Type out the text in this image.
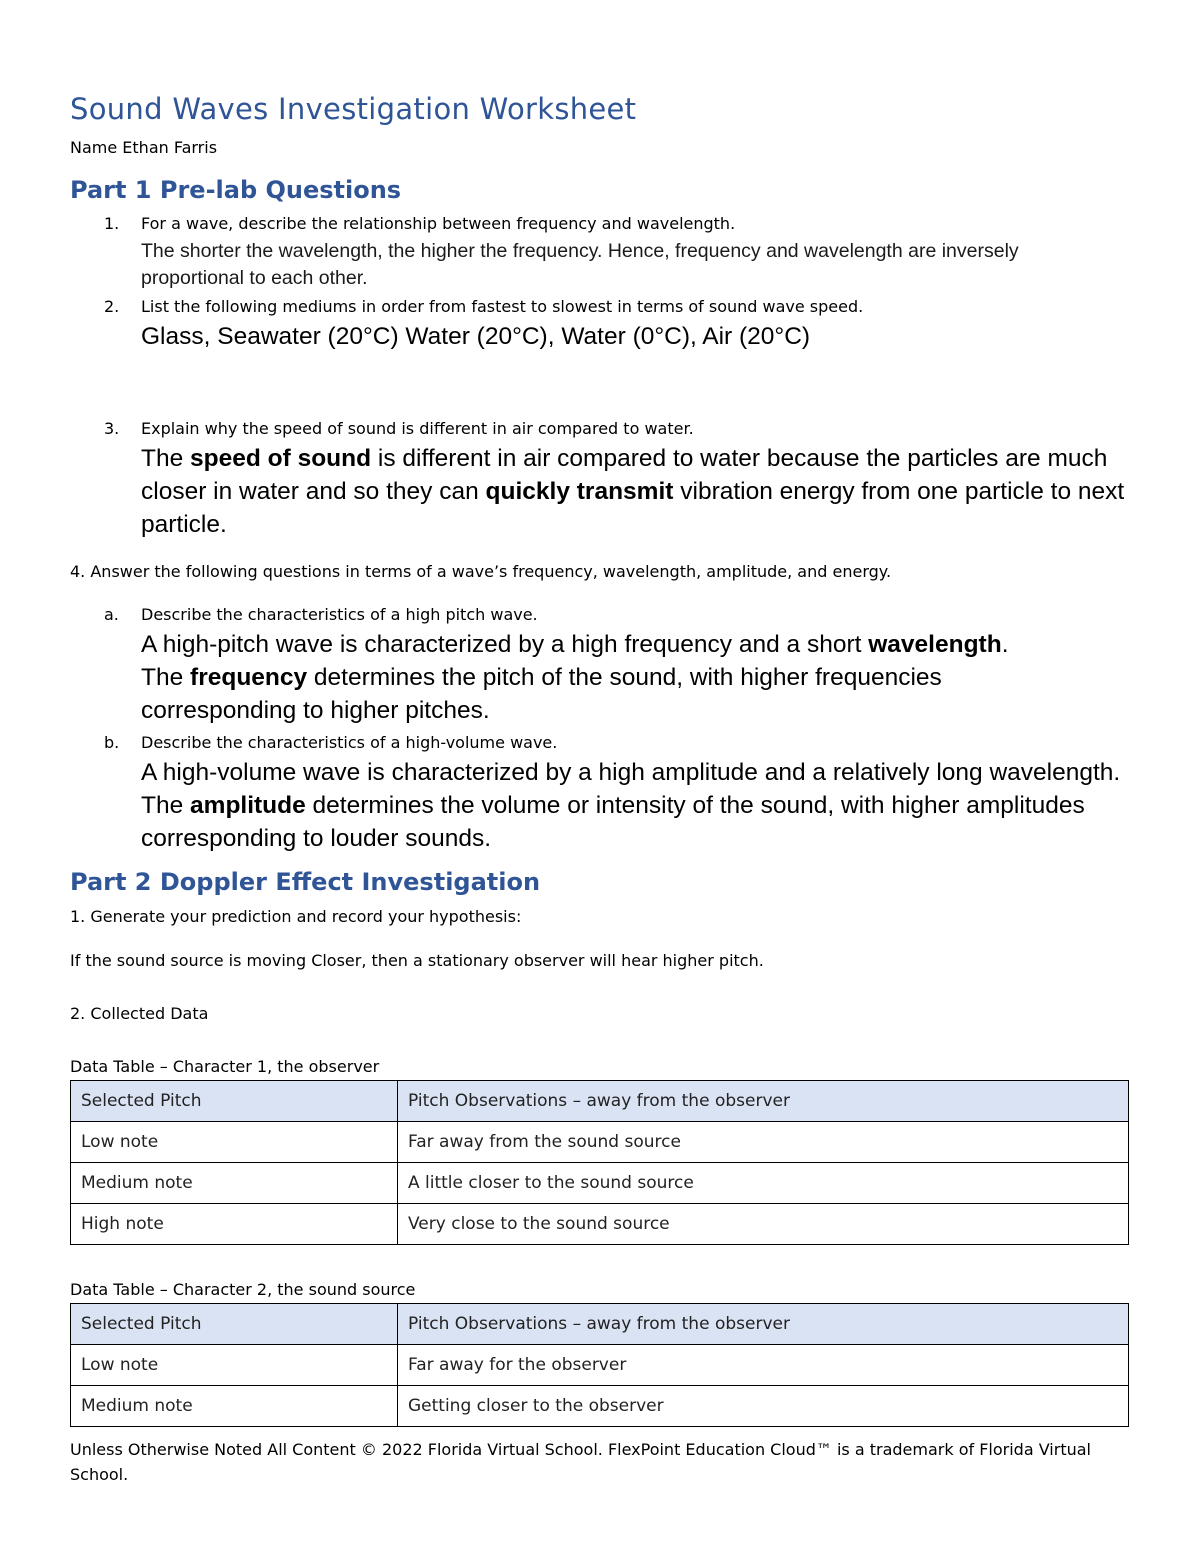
Sound Waves Investigation Worksheet
Name Ethan Farris
Part 1 Pre-lab Questions
1. For a wave, describe the relationship between frequency and wavelength.
The shorter the wavelength, the higher the frequency. Hence, frequency and wavelength are inversely
proportional to each other.
2. List the following mediums in order from fastest to slowest in terms of sound wave speed.
Glass, Seawater (20°C) Water (20°C), Water (0°C), Air (20°C)
3. Explain why the speed of sound is different in air compared to water.
The speed of sound is different in air compared to water because the particles are much closer in water and so they can quickly transmit vibration energy from one particle to next particle.
4. Answer the following questions in terms of a wave’s frequency, wavelength, amplitude, and energy.
a. Describe the characteristics of a high pitch wave.
A high-pitch wave is characterized by a high frequency and a short wavelength. The frequency determines the pitch of the sound, with higher frequencies corresponding to higher pitches.
b. Describe the characteristics of a high-volume wave.
A high-volume wave is characterized by a high amplitude and a relatively long wavelength. The amplitude determines the volume or intensity of the sound, with higher amplitudes corresponding to louder sounds.
Part 2 Doppler Effect Investigation
1. Generate your prediction and record your hypothesis:
If the sound source is moving Closer, then a stationary observer will hear higher pitch.
2. Collected Data
Data Table – Character 1, the observer
Selected Pitch	Pitch Observations – away from the observer
Low note	Far away from the sound source
Medium note	A little closer to the sound source
High note	Very close to the sound source
Data Table – Character 2, the sound source
Selected Pitch	Pitch Observations – away from the observer
Low note	Far away for the observer
Medium note	Getting closer to the observer
Unless Otherwise Noted All Content © 2022 Florida Virtual School. FlexPoint Education Cloud™ is a trademark of Florida Virtual School.
